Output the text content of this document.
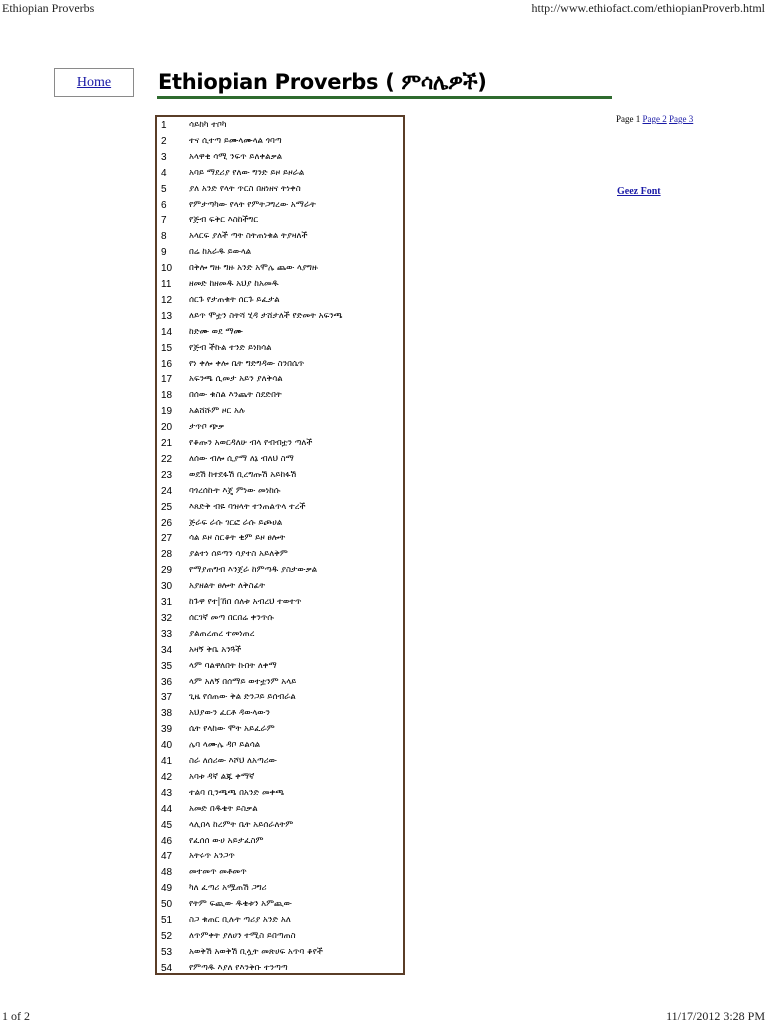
Ethiopian Proverbs	http://www.ethiofact.com/ethiopianProverb.html
Home Ethiopian Proverbs ( ምሳሌዎች)
1	ሳይከካ ተቦካ
2	ተና ሲተጣ ይሙላሙላል ጎባጣ
3	አላዋቂ ሳሚ ንፍጥ ይለቀልቃል
4	አባይ ማደሪያ የለው ግንድ ይዞ ይዞራል
5	ያለ አንድ የላት ጥርስ በዘነዘና ትነቀስ
6	የምታጣካው የላት የምትጋግረው አማራት
7	የጅብ ፍቅር እስከችግር
8	አላርፍ ያለች ጣት ስትጠነቁል ትያዛለች
9	በሬ ከአራዱ ይውላል
10	በቅሎ ግዙ ግዙ አንድ አሞሌ ጨው ላያግዙ
11	ዘመድ ከዘመዱ አህያ ከአመዱ
12	ሰርጉ የታጠቁት ሰርጉ ይፈታል
13	ለይጥ ሞቷን ስትሻ ሂዳ ታሸታለች የድመት አፍንጫ
14	ከድሙ ወደ ማሙ
15	የጅብ ችኩል ተንድ ይነክሳል
16	የነ ቀሎ ቀሎ ቤት ግድግዳው ስንበሴጥ
17	አፍንጫ ሲመታ አይን ያለቅሳል
18	በሰው ቁስል እንጨት ስደድበት
19	አልሸሹም ዞር አሉ
20	ታጥቦ ጭቃ
21	የቆጡን አወርዳለሁ ብላ የብብቷን ጣለች
22	ለሰው ብሎ ሲያማ ለኔ ብለህ ስማ
23	ወደሽ ከተደፋሽ ቢረግጡሽ አይከፋሽ
24	ባጎረሰኩት እጄ ምነው መነከሱ
25	እጸድቅ ብዬ ባዝላት ተንጠልጥላ ተረች
26	ጅራፍ ራሱ ገርፎ ራሱ ይጮሀል
27	ሳል ይዞ ስርቆት ቂም ይዞ ፀሎት
28	ያልተነ ሰይጣን ሳያተስ አይለቅም
29	የማያጠግብ እንጀራ ከምጣዱ ያስታውቃል
30	አያዘልት ፀሎት ለቅስፊት
31	ከጉዋ የተ|ኸበ ሰለቱ አብረህ ተወተጥ
32	ሰርገኛ መጣ በርበሬ ቀንጥሱ
33	ያልጠረጠረ ተመነጠረ
34	አዛኝ ቅቤ አንጓች
35	ላም ባልዋለበት ኩበት ለቀማ
36	ላም አለኝ በሰማይ ወተቷንም አላይ
37	ጊዜ የሰጠው ቅል ድንጋይ ይሰብራል
38	አህያውን ፈርቶ ዳውላውን
39	ሴት የላከው ሞት አይፈራም
40	ሌባ ላሙሌ ዳቦ ይልሳል
41	ስራ ለሰሪው እሾህ ለአጣሪው
42	አባቱ ዳኛ ልጁ ቀማኛ
43	ተልባ ቢንጫጫ በአንድ መቀጫ
44	አመድ በዱቄት ይስቃል
45	ላሊበላ ከረምት ቤት አይሰራለትም
46	የፈሰሰ ውሀ አይታፈስም
47	አትሩጥ አንጋጥ
48	መተመጥ መቶመጥ
49	ካለ ፈጣሪ አሟጠሽ ጋግሪ
50	የትም ፍጪው ዱቄቱን አምጪው
51	ስጋ ቁጠር ቢሉት ጣሪያ አንድ አለ
52	ለጥምቀት ያለሀን ተሚስ ይበጣጠስ
53	አወቅሽ አወቅሽ ቢሏት መጽሀፍ አጥባ ቆየች
54	የምጣዱ እያለ የእንቅቡ ተንጣጣ
Page 1 Page 2 Page 3
Geez Font
1 of 2	11/17/2012 3:28 PM
